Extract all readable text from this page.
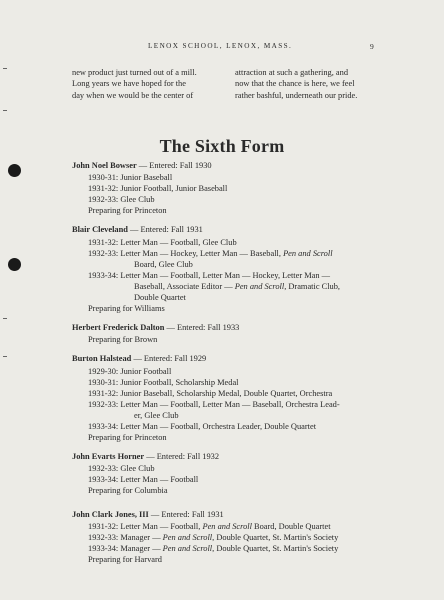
LENOX SCHOOL, LENOX, MASS.	9
new product just turned out of a mill.
Long years we have hoped for the
day when we would be the center of
attraction at such a gathering, and
now that the chance is here, we feel
rather bashful, underneath our pride.
The Sixth Form
John Noel Bowser — Entered: Fall 1930
1930-31: Junior Baseball
1931-32: Junior Football, Junior Baseball
1932-33: Glee Club
Preparing for Princeton
Blair Cleveland — Entered: Fall 1931
1931-32: Letter Man — Football, Glee Club
1932-33: Letter Man — Hockey, Letter Man — Baseball, Pen and Scroll
Board, Glee Club
1933-34: Letter Man — Football, Letter Man — Hockey, Letter Man —
Baseball, Associate Editor — Pen and Scroll, Dramatic Club,
Double Quartet
Preparing for Williams
Herbert Frederick Dalton — Entered: Fall 1933
Preparing for Brown
Burton Halstead — Entered: Fall 1929
1929-30: Junior Football
1930-31: Junior Football, Scholarship Medal
1931-32: Junior Baseball, Scholarship Medal, Double Quartet, Orchestra
1932-33: Letter Man — Football, Letter Man — Baseball, Orchestra Lead-
er, Glee Club
1933-34: Letter Man — Football, Orchestra Leader, Double Quartet
Preparing for Princeton
John Evarts Horner — Entered: Fall 1932
1932-33: Glee Club
1933-34: Letter Man — Football
Preparing for Columbia
John Clark Jones, III — Entered: Fall 1931
1931-32: Letter Man — Football, Pen and Scroll Board, Double Quartet
1932-33: Manager — Pen and Scroll, Double Quartet, St. Martin's Society
1933-34: Manager — Pen and Scroll, Double Quartet, St. Martin's Society
Preparing for Harvard
